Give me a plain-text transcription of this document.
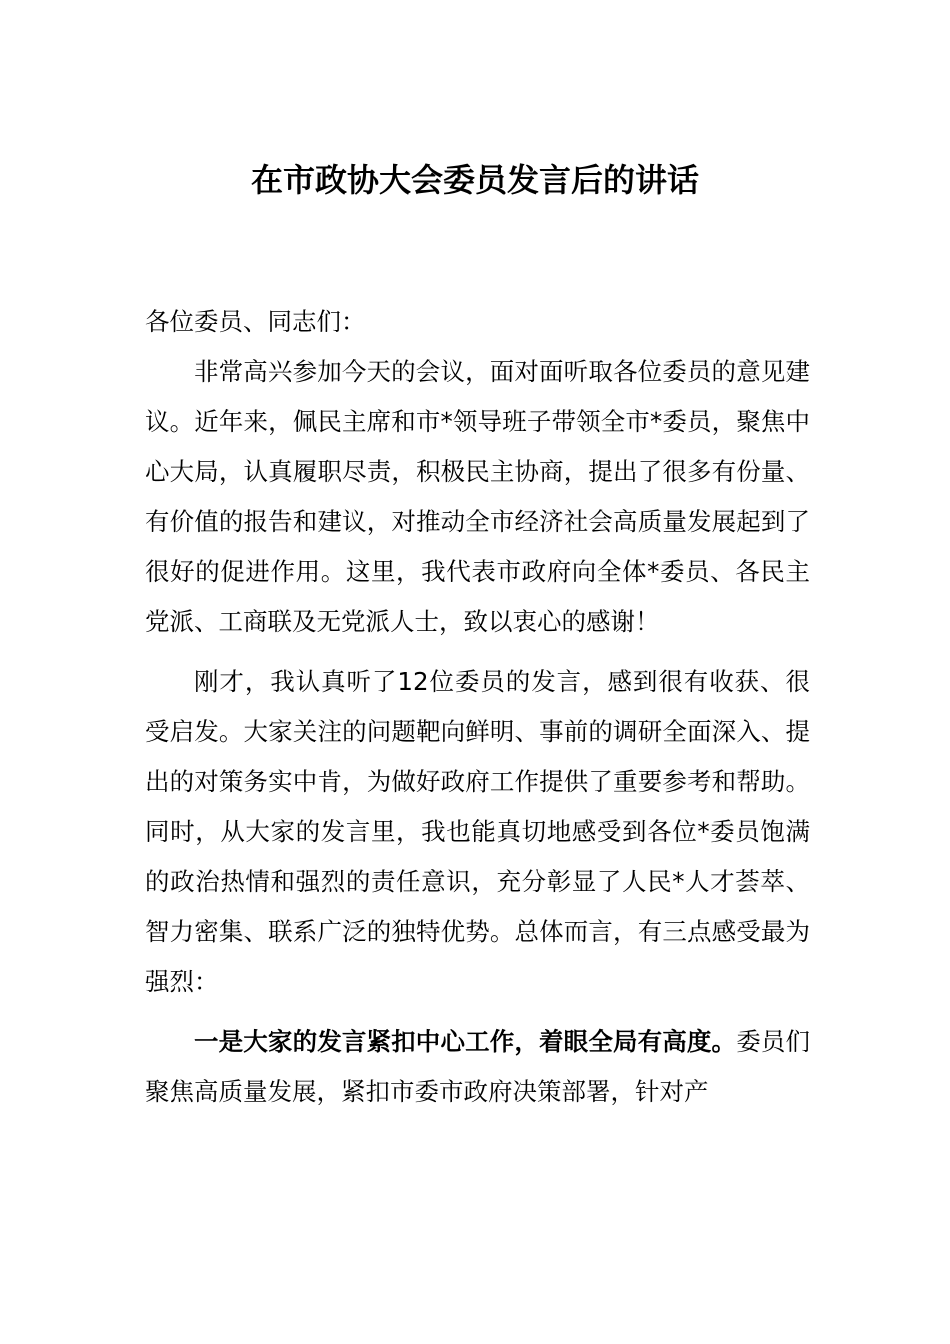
在市政协大会委员发言后的讲话

各位委员、同志们：

非常高兴参加今天的会议，面对面听取各位委员的意见建议。近年来，佩民主席和市*领导班子带领全市*委员，聚焦中心大局，认真履职尽责，积极民主协商，提出了很多有份量、有价值的报告和建议，对推动全市经济社会高质量发展起到了很好的促进作用。这里，我代表市政府向全体*委员、各民主党派、工商联及无党派人士，致以衷心的感谢！

刚才，我认真听了12位委员的发言，感到很有收获、很受启发。大家关注的问题靶向鲜明、事前的调研全面深入、提出的对策务实中肯，为做好政府工作提供了重要参考和帮助。同时，从大家的发言里，我也能真切地感受到各位*委员饱满的政治热情和强烈的责任意识，充分彰显了人民*人才荟萃、智力密集、联系广泛的独特优势。总体而言，有三点感受最为强烈：

一是大家的发言紧扣中心工作，着眼全局有高度。委员们聚焦高质量发展，紧扣市委市政府决策部署，针对产
